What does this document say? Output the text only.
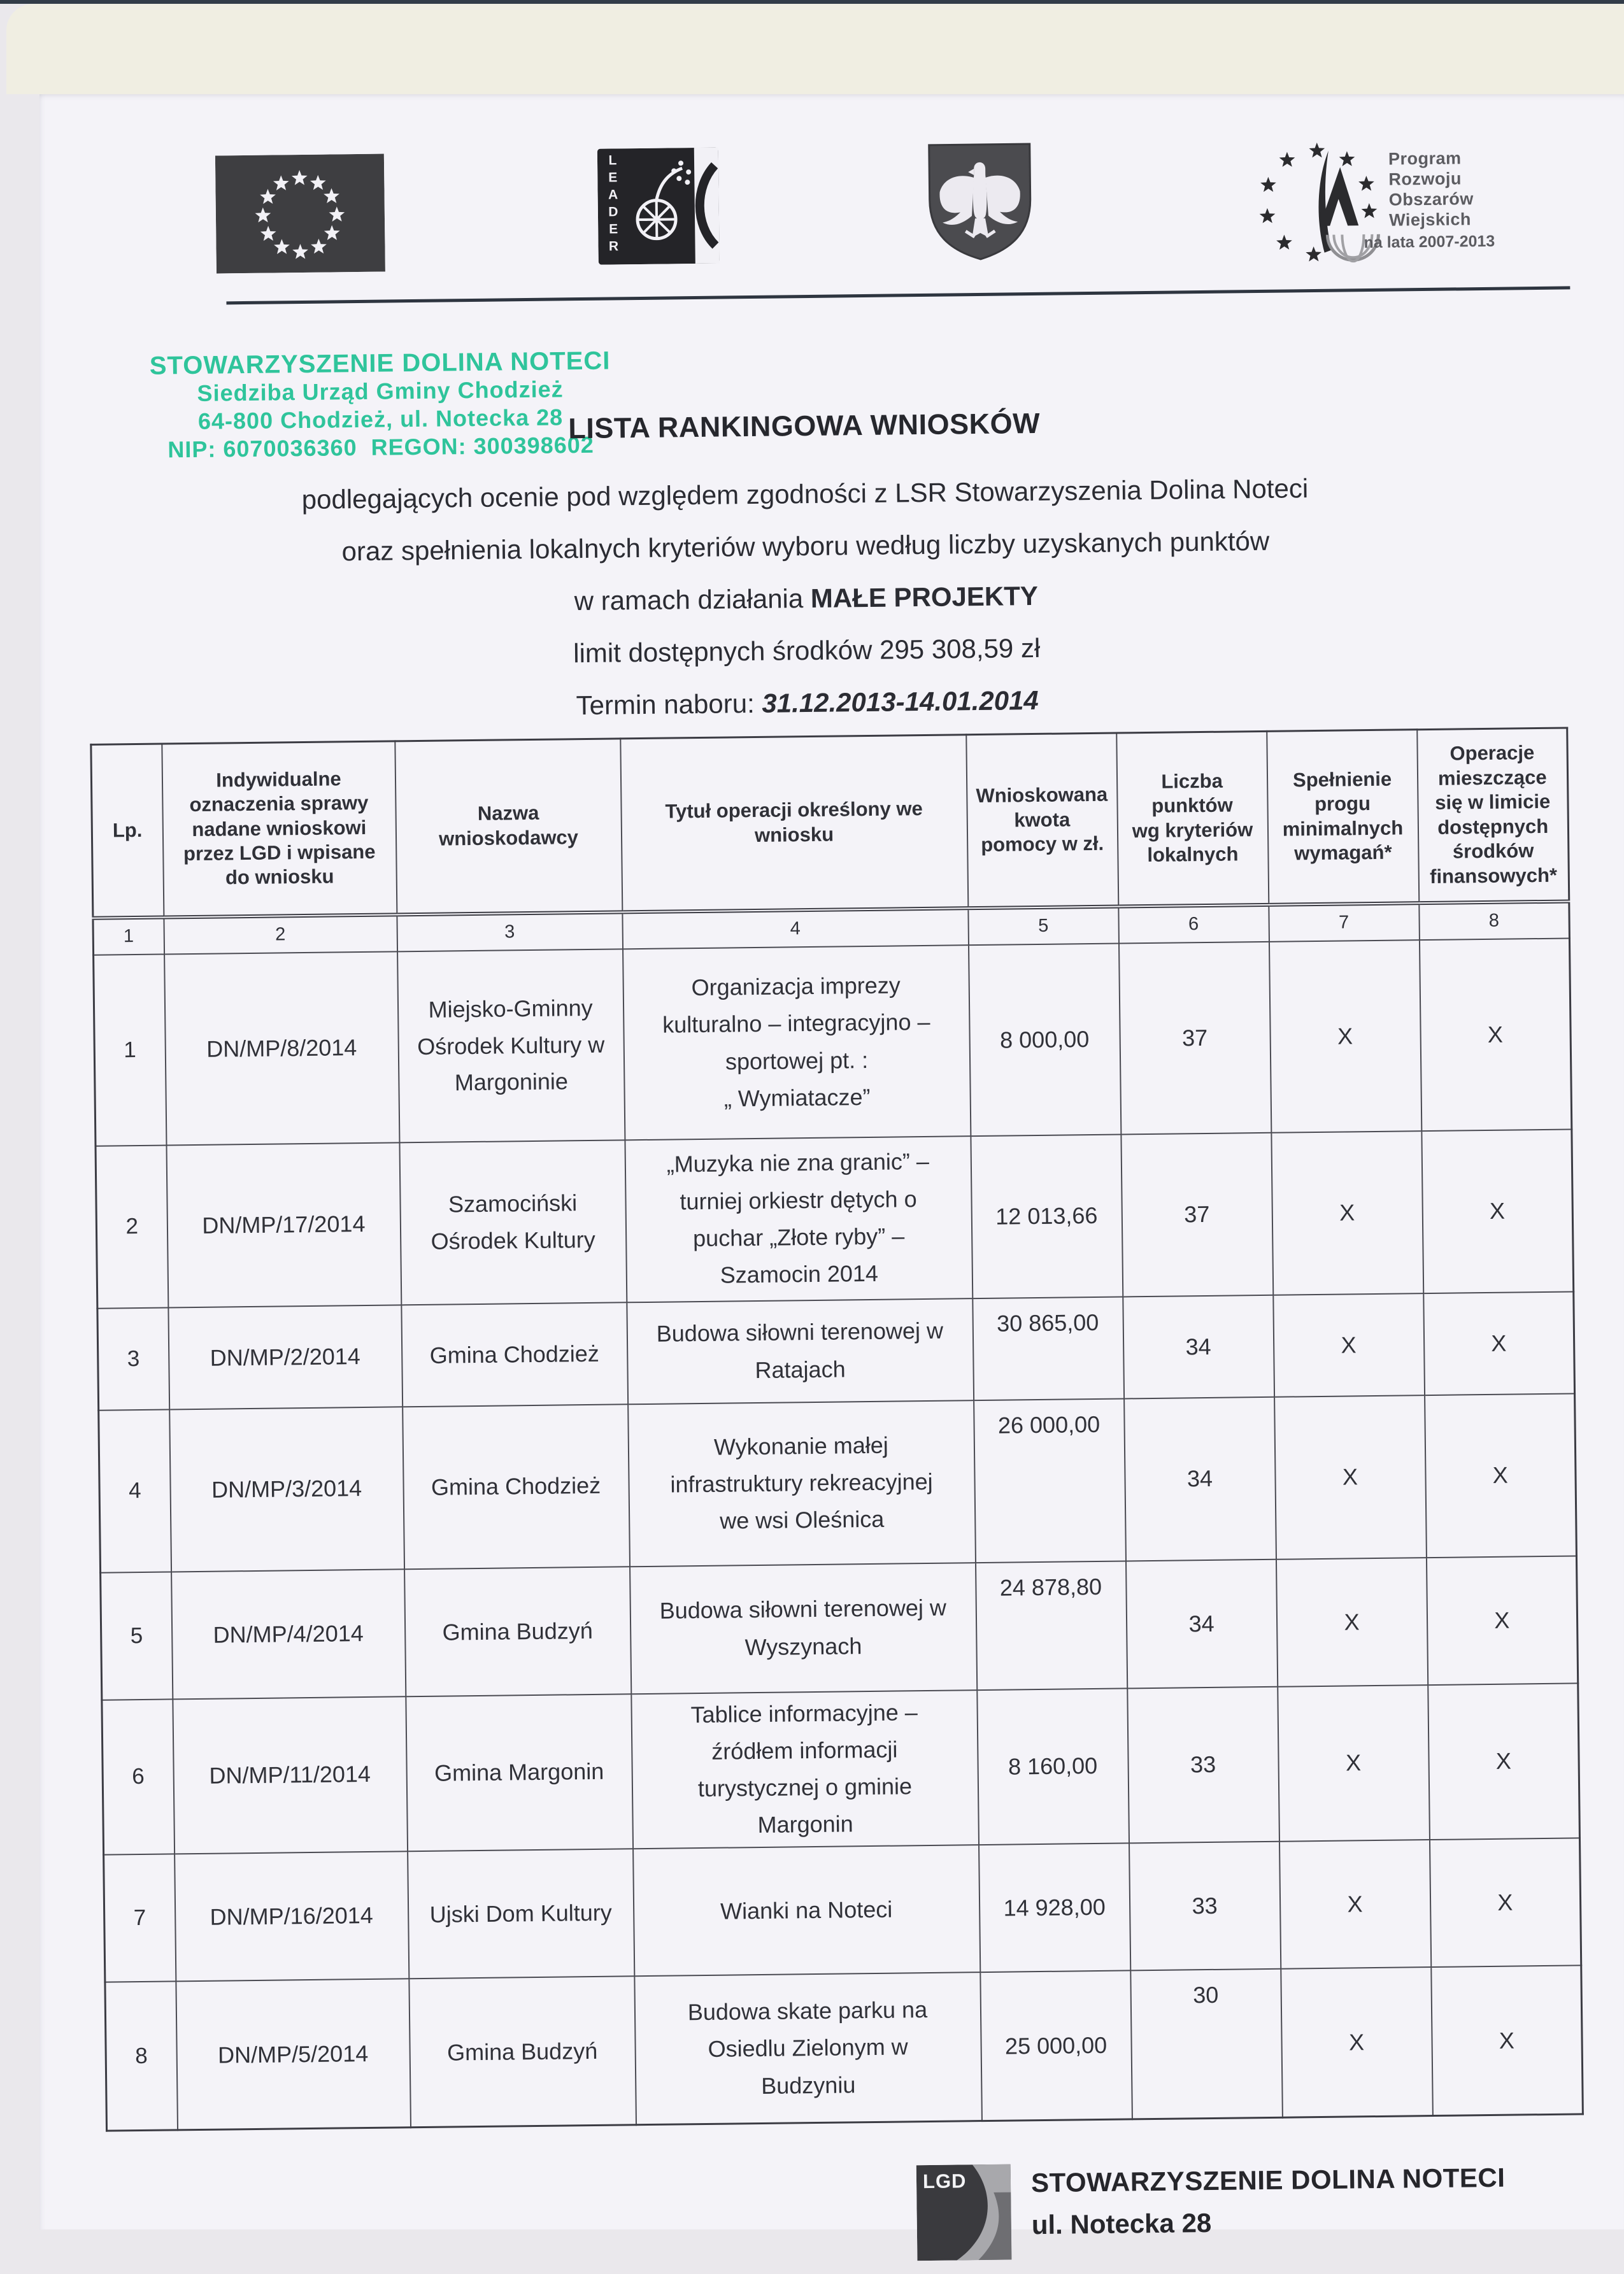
L
E
A
D
E
R
Program
Rozwoju
Obszarów
Wiejskich
na lata 2007-2013
STOWARZYSZENIE DOLINA NOTECI
Siedziba Urząd Gminy Chodzież
64-800 Chodzież, ul. Notecka 28
NIP: 6070036360  REGON: 300398602
LISTA RANKINGOWA WNIOSKÓW
podlegających ocenie pod względem zgodności z LSR Stowarzyszenia Dolina Noteci
oraz spełnienia lokalnych kryteriów wyboru według liczby uzyskanych punktów
w ramach działania MAŁE PROJEKTY
limit dostępnych środków 295 308,59 zł
Termin naboru: 31.12.2013-14.01.2014
Lp.	Indywidualne
oznaczenia sprawy
nadane wnioskowi
przez LGD i wpisane
do wniosku	Nazwa
wnioskodawcy	Tytuł operacji określony we
wniosku	Wnioskowana
kwota
pomocy w zł.	Liczba
punktów
wg kryteriów
lokalnych	Spełnienie
progu
minimalnych
wymagań*	Operacje
mieszczące
się w limicie
dostępnych
środków
finansowych*
1	2	3	4	5	6	7	8
1	DN/MP/8/2014	Miejsko-Gminny
Ośrodek Kultury w
Margoninie	Organizacja imprezy
kulturalno – integracyjno –
sportowej pt. :
„ Wymiatacze”	8 000,00	37	X	X
2	DN/MP/17/2014	Szamociński
Ośrodek Kultury	„Muzyka nie zna granic” –
turniej orkiestr dętych o
puchar „Złote ryby” –
Szamocin 2014	12 013,66	37	X	X
3	DN/MP/2/2014	Gmina Chodzież	Budowa siłowni terenowej w
Ratajach	30 865,00	34	X	X
4	DN/MP/3/2014	Gmina Chodzież	Wykonanie małej
infrastruktury rekreacyjnej
we wsi Oleśnica	26 000,00	34	X	X
5	DN/MP/4/2014	Gmina Budzyń	Budowa siłowni terenowej w
Wyszynach	24 878,80	34	X	X
6	DN/MP/11/2014	Gmina Margonin	Tablice informacyjne –
źródłem informacji
turystycznej o gminie
Margonin	8 160,00	33	X	X
7	DN/MP/16/2014	Ujski Dom Kultury	Wianki na Noteci	14 928,00	33	X	X
8	DN/MP/5/2014	Gmina Budzyń	Budowa skate parku na
Osiedlu Zielonym w
Budzyniu	25 000,00	30	X	X
LGD STOWARZYSZENIE DOLINA NOTECI
ul. Notecka 28
